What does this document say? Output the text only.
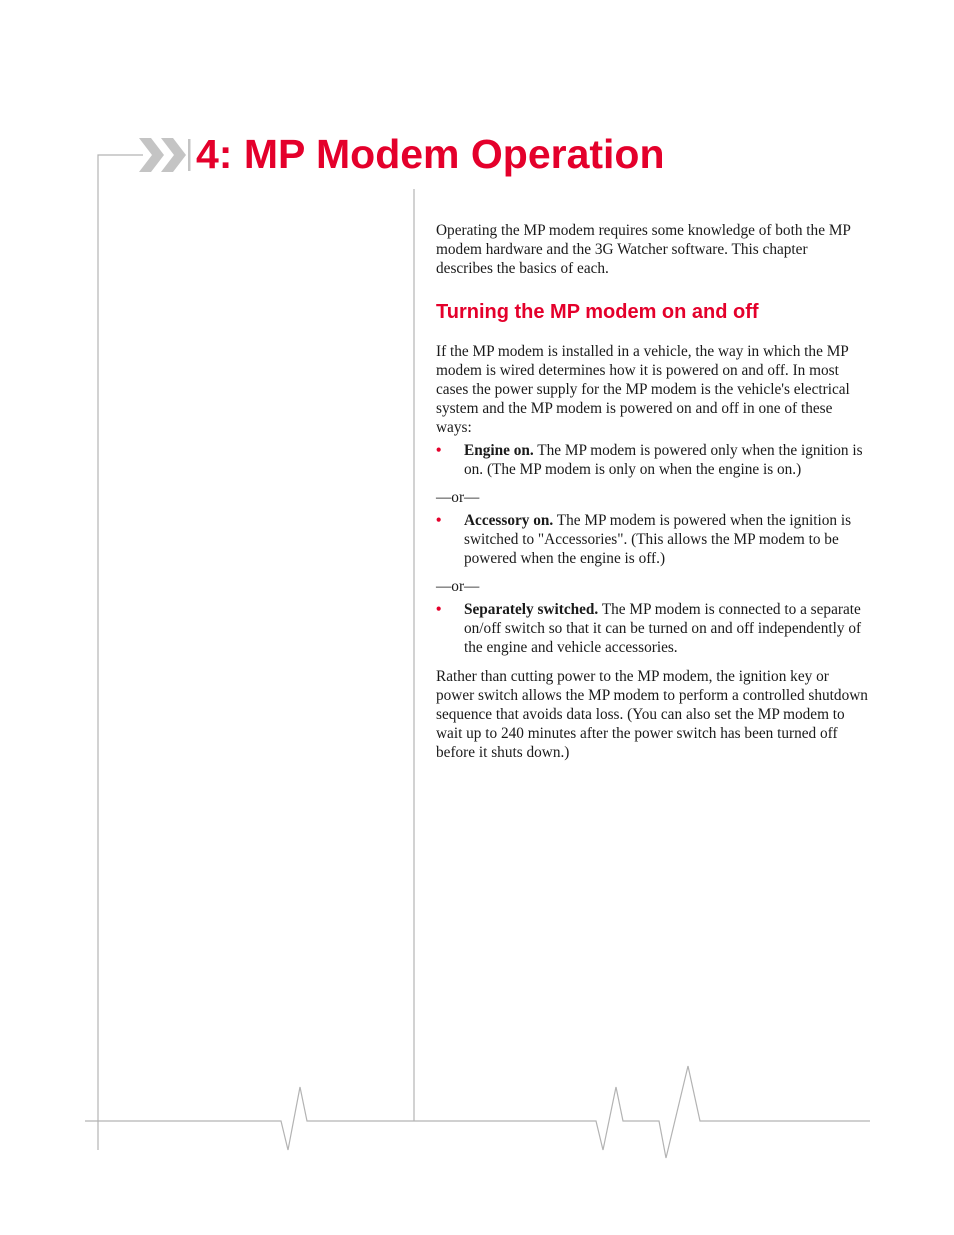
4: MP Modem Operation

Operating the MP modem requires some knowledge of both the MP modem hardware and the 3G Watcher software. This chapter describes the basics of each.

Turning the MP modem on and off

If the MP modem is installed in a vehicle, the way in which the MP modem is wired determines how it is powered on and off. In most cases the power supply for the MP modem is the vehicle's electrical system and the MP modem is powered on and off in one of these ways:

• Engine on. The MP modem is powered only when the ignition is on. (The MP modem is only on when the engine is on.)

—or—

• Accessory on. The MP modem is powered when the ignition is switched to "Accessories". (This allows the MP modem to be powered when the engine is off.)

—or—

• Separately switched. The MP modem is connected to a separate on/off switch so that it can be turned on and off independently of the engine and vehicle accessories.

Rather than cutting power to the MP modem, the ignition key or power switch allows the MP modem to perform a controlled shutdown sequence that avoids data loss. (You can also set the MP modem to wait up to 240 minutes after the power switch has been turned off before it shuts down.)
